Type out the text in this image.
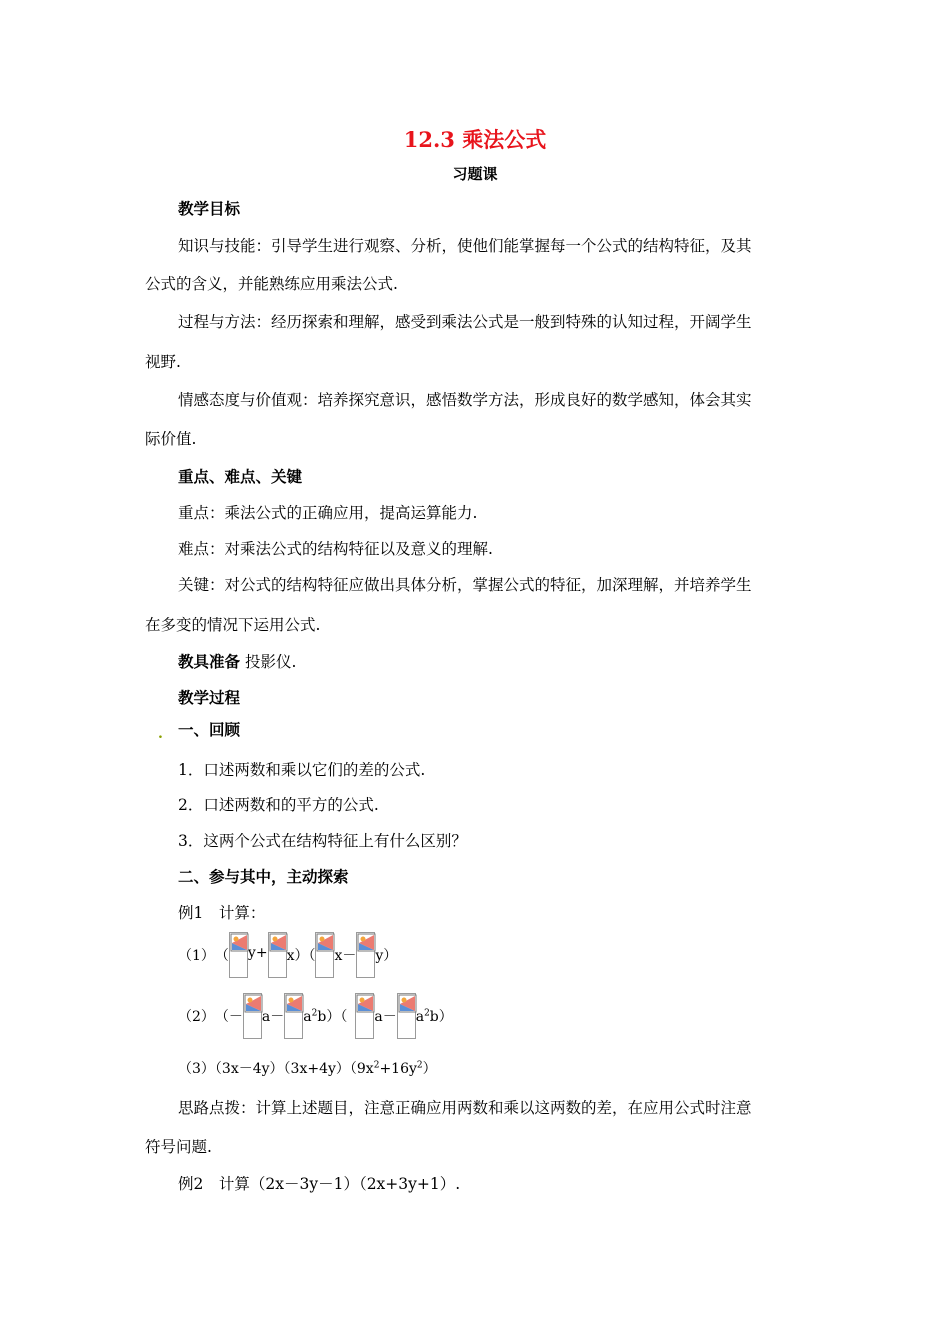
12.3 乘法公式
习题课
教学目标
知识与技能：引导学生进行观察、分析，使他们能掌握每一个公式的结构特征，及其
公式的含义，并能熟练应用乘法公式.
过程与方法：经历探索和理解，感受到乘法公式是一般到特殊的认知过程，开阔学生
视野.
情感态度与价值观：培养探究意识，感悟数学方法，形成良好的数学感知，体会其实
际价值.
重点、难点、关键
重点：乘法公式的正确应用，提高运算能力.
难点：对乘法公式的结构特征以及意义的理解.
关键：对公式的结构特征应做出具体分析，掌握公式的特征，加深理解，并培养学生
在多变的情况下运用公式.
教具准备 投影仪.
教学过程
. 一、回顾
1．口述两数和乘以它们的差的公式.
2．口述两数和的平方的公式.
3．这两个公式在结构特征上有什么区别？
二、参与其中，主动探索
例1　计算：
（1） （ y+ x）（ x－ y）
（2） （－ $a- a^2b$）（ $a- a^2b$）
$(3)(3x-4y)(3x+4y)(9x^2+16y^2)$
思路点拨：计算上述题目，注意正确应用两数和乘以这两数的差，在应用公式时注意
符号问题.
例2　计算（2x－3y－1）（2x+3y+1）.
